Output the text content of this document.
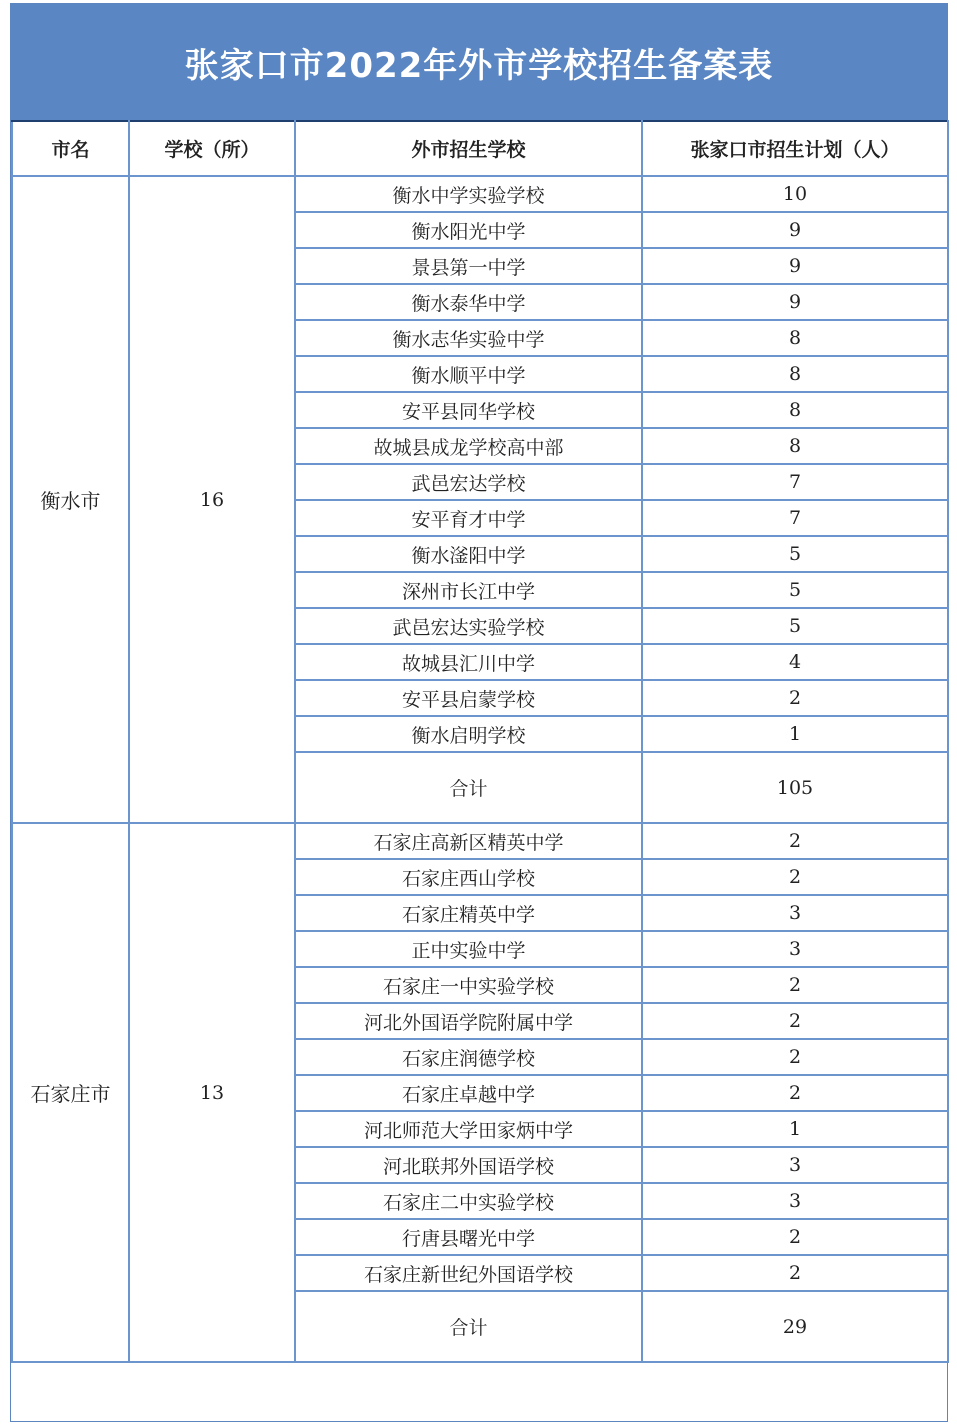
张家口市2022年外市学校招生备案表
市名	学校（所）	外市招生学校	张家口市招生计划（人）
衡水市	16	衡水中学实验学校	10
		衡水阳光中学	9
		景县第一中学	9
		衡水泰华中学	9
		衡水志华实验中学	8
		衡水顺平中学	8
		安平县同华学校	8
		故城县成龙学校高中部	8
		武邑宏达学校	7
		安平育才中学	7
		衡水滏阳中学	5
		深州市长江中学	5
		武邑宏达实验学校	5
		故城县汇川中学	4
		安平县启蒙学校	2
		衡水启明学校	1
		合计	105
石家庄市	13	石家庄高新区精英中学	2
		石家庄西山学校	2
		石家庄精英中学	3
		正中实验中学	3
		石家庄一中实验学校	2
		河北外国语学院附属中学	2
		石家庄润德学校	2
		石家庄卓越中学	2
		河北师范大学田家炳中学	1
		河北联邦外国语学校	3
		石家庄二中实验学校	3
		行唐县曙光中学	2
		石家庄新世纪外国语学校	2
		合计	29
